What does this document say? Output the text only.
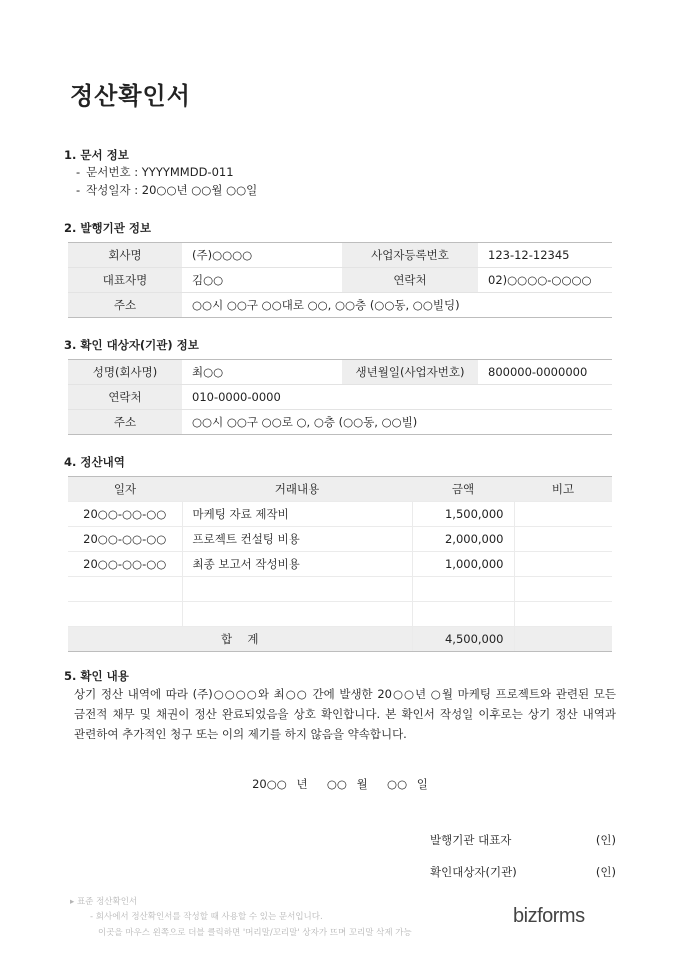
정산확인서
1. 문서 정보
- 문서번호 : YYYYMMDD-011
- 작성일자 : 20○○년 ○○월 ○○일
2. 발행기관 정보
회사명	(주)○○○○	사업자등록번호	123-12-12345
대표자명	김○○	연락처	02)○○○○-○○○○
주소	○○시 ○○구 ○○대로 ○○, ○○층 (○○동, ○○빌딩)		
3. 확인 대상자(기관) 정보
성명(회사명)	최○○	생년월일(사업자번호)	800000-0000000
연락처	010-0000-0000		
주소	○○시 ○○구 ○○로 ○, ○층 (○○동, ○○빌)		
4. 정산내역
일자	거래내용	금액	비고
20○○-○○-○○	마케팅 자료 제작비	1,500,000	
20○○-○○-○○	프로젝트 컨설팅 비용	2,000,000	
20○○-○○-○○	최종 보고서 작성비용	1,000,000	

합  계		4,500,000	
5. 확인 내용

상기 정산 내역에 따라 (주)○○○○와 최○○ 간에 발생한 20○○년 ○월 마케팅 프로젝트와 관련된 모든 금전적 채무 및 채권이 정산 완료되었음을 상호 확인합니다. 본 확인서 작성일 이후로는 상기 정산 내역과 관련하여 추가적인 청구 또는 이의 제기를 하지 않음을 약속합니다.

20○○ 년  ○○ 월  ○○ 일
발행기관 대표자	(인)
확인대상자(기관)	(인)
▸ 표준 정산확인서
- 회사에서 정산확인서를 작성할 때 사용할 수 있는 문서입니다.
이곳을 마우스 왼쪽으로 더블 클릭하면 '머리말/꼬리말' 상자가 뜨며 꼬리말 삭제 가능
bizforms
